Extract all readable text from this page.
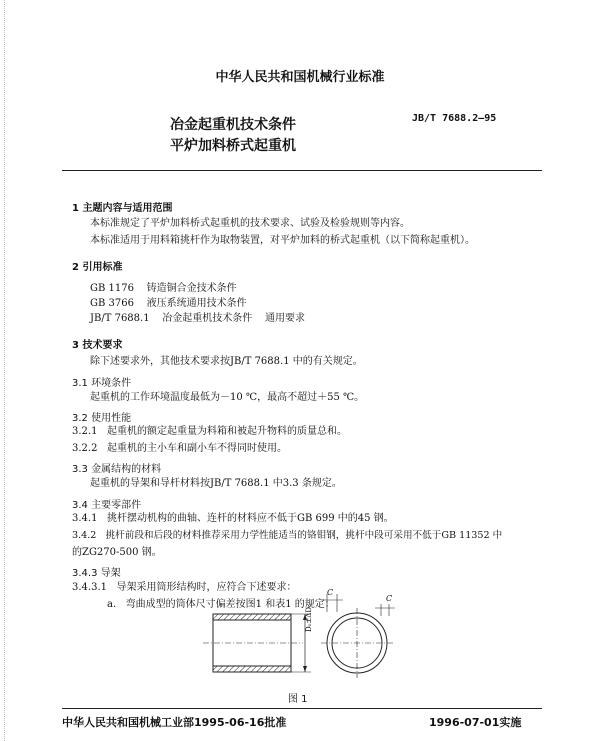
中华人民共和国机械行业标准
冶金起重机技术条件
平炉加料桥式起重机
JB/T 7688.2—95
1 主题内容与适用范围
本标准规定了平炉加料桥式起重机的技术要求、试验及检验规则等内容。
本标准适用于用料箱挑杆作为取物装置，对平炉加料的桥式起重机（以下简称起重机）。
2 引用标准
GB 1176    铸造铜合金技术条件
GB 3766    液压系统通用技术条件
JB/T 7688.1    冶金起重机技术条件    通用要求
3 技术要求
除下述要求外，其他技术要求按JB/T 7688.1 中的有关规定。
3.1 环境条件
起重机的工作环境温度最低为－10 ℃，最高不超过＋55 ℃。
3.2 使用性能
3.2.1   起重机的额定起重量为料箱和被起升物料的质量总和。
3.2.2   起重机的主小车和副小车不得同时使用。
3.3 金属结构的材料
起重机的导架和导杆材料按JB/T 7688.1 中3.3 条规定。
3.4 主要零部件
3.4.1   挑杆摆动机构的曲轴、连杆的材料应不低于GB 699 中的45 钢。
3.4.2   挑杆前段和后段的材料推荐采用力学性能适当的铬钼钢，挑杆中段可采用不低于GB 11352 中
的ZG270-500 钢。
3.4.3 导架
3.4.3.1   导架采用筒形结构时，应符合下述要求：
a.   弯曲成型的筒体尺寸偏差按图1 和表1 的规定：
D₀±ΔD₀
C
C
图 1
中华人民共和国机械工业部1995-06-16批准	1996-07-01实施
